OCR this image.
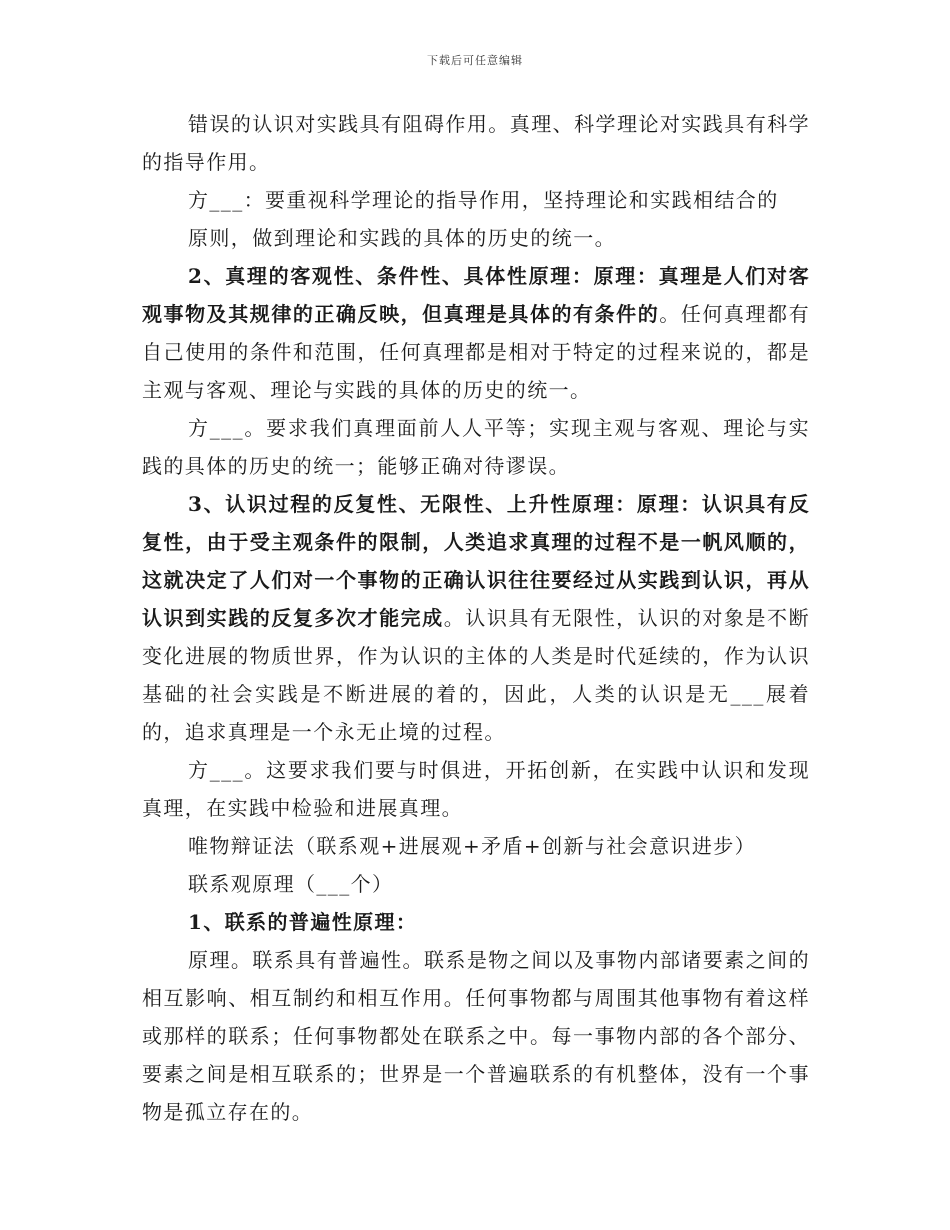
下载后可任意编辑

错误的认识对实践具有阻碍作用。真理、科学理论对实践具有科学的指导作用。

方___：要重视科学理论的指导作用，坚持理论和实践相结合的

原则，做到理论和实践的具体的历史的统一。

2、真理的客观性、条件性、具体性原理：原理：真理是人们对客观事物及其规律的正确反映，但真理是具体的有条件的。任何真理都有自己使用的条件和范围，任何真理都是相对于特定的过程来说的，都是主观与客观、理论与实践的具体的历史的统一。

方___。要求我们真理面前人人平等；实现主观与客观、理论与实践的具体的历史的统一；能够正确对待谬误。

3、认识过程的反复性、无限性、上升性原理：原理：认识具有反复性，由于受主观条件的限制，人类追求真理的过程不是一帆风顺的，这就决定了人们对一个事物的正确认识往往要经过从实践到认识，再从认识到实践的反复多次才能完成。认识具有无限性，认识的对象是不断变化进展的物质世界，作为认识的主体的人类是时代延续的，作为认识基础的社会实践是不断进展的着的，因此，人类的认识是无___展着的，追求真理是一个永无止境的过程。

方___。这要求我们要与时俱进，开拓创新，在实践中认识和发现真理，在实践中检验和进展真理。

唯物辩证法（联系观+进展观+矛盾+创新与社会意识进步）

联系观原理（___个）

1、联系的普遍性原理：

原理。联系具有普遍性。联系是物之间以及事物内部诸要素之间的相互影响、相互制约和相互作用。任何事物都与周围其他事物有着这样或那样的联系；任何事物都处在联系之中。每一事物内部的各个部分、要素之间是相互联系的；世界是一个普遍联系的有机整体，没有一个事物是孤立存在的。
